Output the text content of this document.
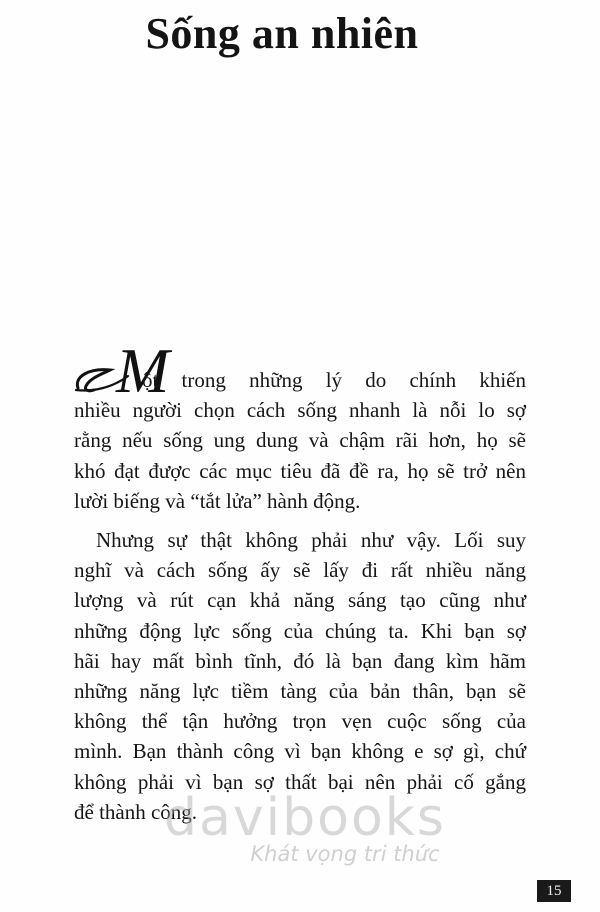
Sống an nhiên
M

ột trong những lý do chính khiến
nhiều người chọn cách sống nhanh là nỗi lo sợ
rằng nếu sống ung dung và chậm rãi hơn, họ sẽ
khó đạt được các mục tiêu đã đề ra, họ sẽ trở nên
lười biếng và “tắt lửa” hành động.

Nhưng sự thật không phải như vậy. Lối suy
nghĩ và cách sống ấy sẽ lấy đi rất nhiều năng
lượng và rút cạn khả năng sáng tạo cũng như
những động lực sống của chúng ta. Khi bạn sợ
hãi hay mất bình tĩnh, đó là bạn đang kìm hãm
những năng lực tiềm tàng của bản thân, bạn sẽ
không thể tận hưởng trọn vẹn cuộc sống của
mình. Bạn thành công vì bạn không e sợ gì, chứ
không phải vì bạn sợ thất bại nên phải cố gắng
để thành công.

davibooks
Khát vọng tri thức
15
